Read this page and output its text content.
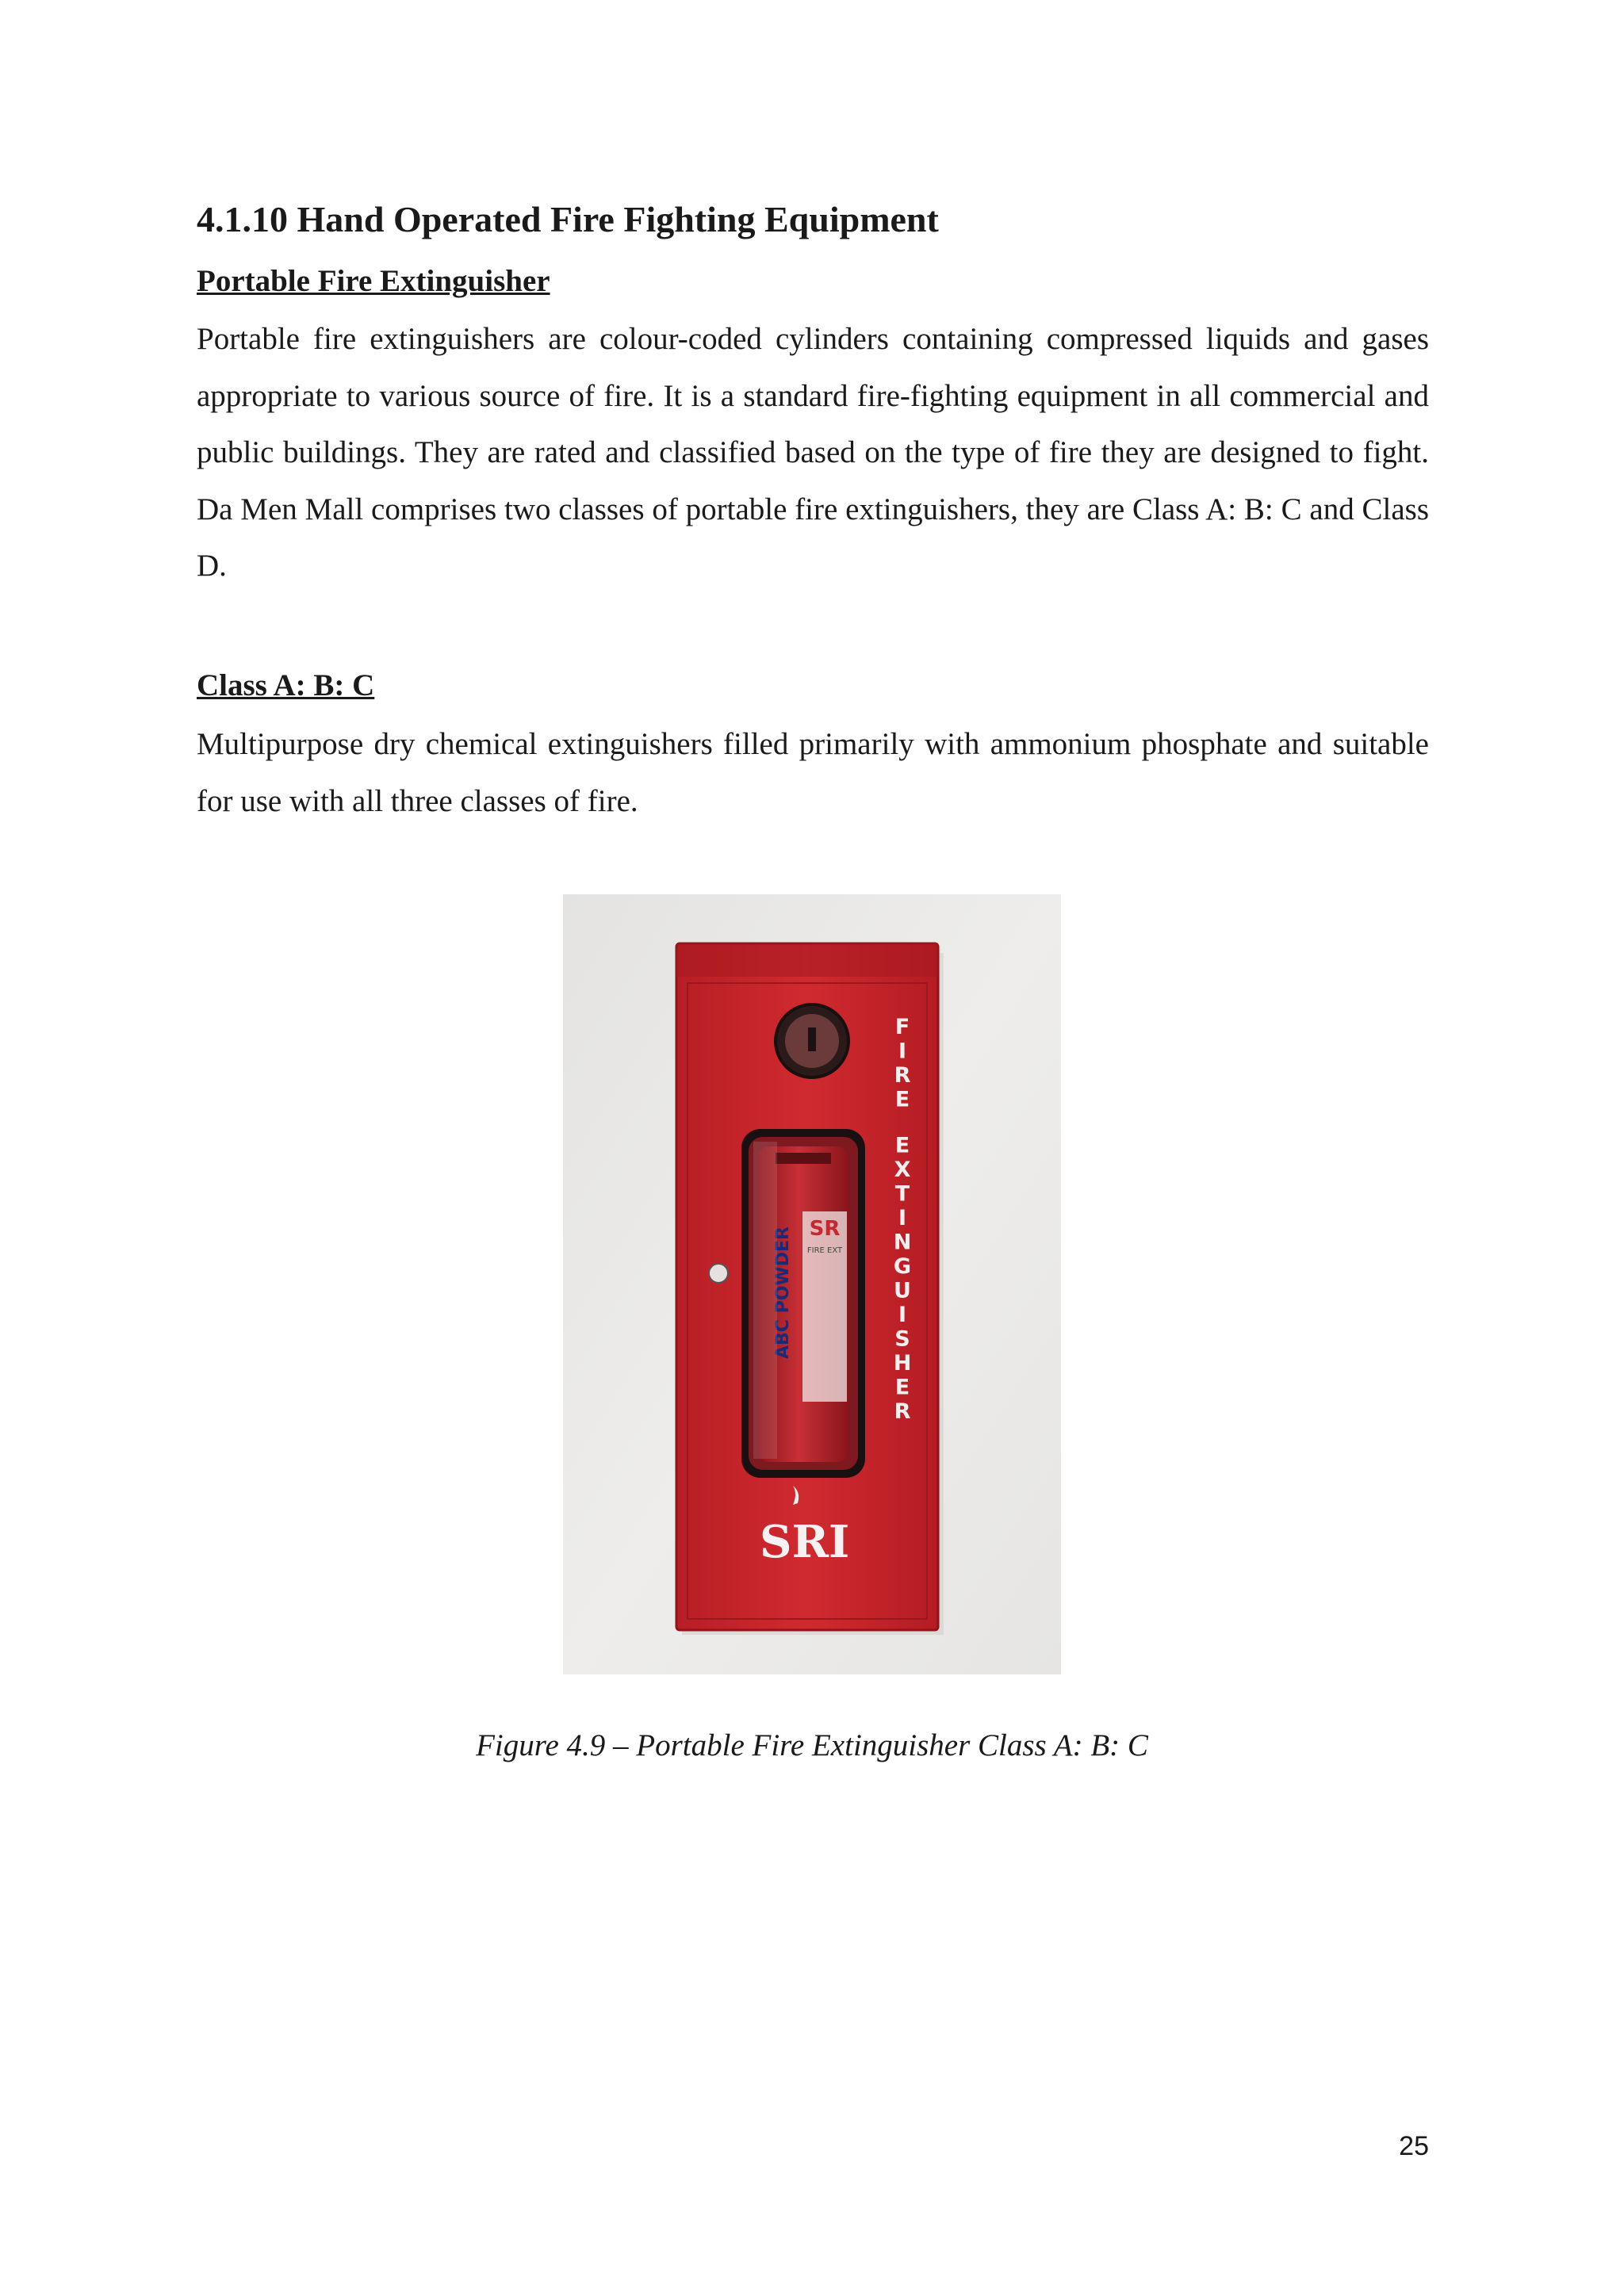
4.1.10 Hand Operated Fire Fighting Equipment
Portable Fire Extinguisher

Portable fire extinguishers are colour-coded cylinders containing compressed liquids and gases appropriate to various source of fire. It is a standard fire-fighting equipment in all commercial and public buildings. They are rated and classified based on the type of fire they are designed to fight. Da Men Mall comprises two classes of portable fire extinguishers, they are Class A: B: C and Class D.

Class A: B: C

Multipurpose dry chemical extinguishers filled primarily with ammonium phosphate and suitable for use with all three classes of fire.

SR
FIRE EXT
ABC POWDER
F
I
R
E
E
X
T
I
N
G
U
I
S
H
E
R
SRI

Figure 4.9 – Portable Fire Extinguisher Class A: B: C

25
